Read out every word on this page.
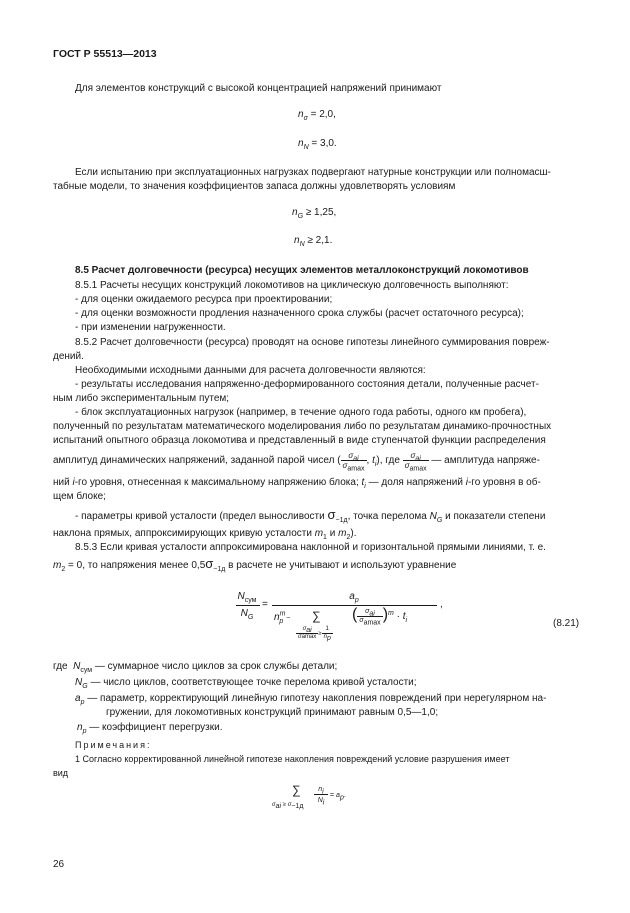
ГОСТ Р 55513—2013
Для элементов конструкций с высокой концентрацией напряжений принимают
$n_\sigma = 2,0$,
$n_N = 3,0$.
Если испытанию при эксплуатационных нагрузках подвергают натурные конструкции или полномасш-
табные модели, то значения коэффициентов запаса должны удовлетворять условиям
$n_G \ge 1,25$,
$n_N \ge 2,1$.
8.5 Расчет долговечности (ресурса) несущих элементов металлоконструкций локомотивов
8.5.1 Расчеты несущих конструкций локомотивов на циклическую долговечность выполняют:
- для оценки ожидаемого ресурса при проектировании;
- для оценки возможности продления назначенного срока службы (расчет остаточного ресурса);
- при изменении нагруженности.
8.5.2 Расчет долговечности (ресурса) проводят на основе гипотезы линейного суммирования повреж-
дений.
Необходимыми исходными данными для расчета долговечности являются:
- результаты исследования напряженно-деформированного состояния детали, полученные расчет-
ным либо экспериментальным путем;
- блок эксплуатационных нагрузок (например, в течение одного года работы, одного км пробега),
полученный по результатам математического моделирования либо по результатам динамико-прочностных
испытаний опытного образца локомотива и представленный в виде ступенчатой функции распределения
амплитуд динамических напряжений, заданной парой чисел ( $\frac{\sigma_{ai}}{\sigma_{amax}}$ , $t_i$), где $\frac{\sigma_{ai}}{\sigma_{amax}}$ — амплитуда напряже-
ний i-го уровня, отнесенная к максимальному напряжению блока; $t_i$ — доля напряжений i-го уровня в об-
щем блоке;
- параметры кривой усталости (предел выносливости $\sigma_{-1д}$, точка перелома $N_G$ и показатели степени
наклона прямых, аппроксимирующих кривую усталости $m_1$ и $m_2$).
8.5.3 Если кривая усталости аппроксимирована наклонной и горизонтальной прямыми линиями, т. е.
$m_2 = 0$, то напряжения менее $0,5\sigma_{-1д}$ в расчете не учитывают и используют уравнение
$N_{сум}$
$N_G$
=
$a_p$
$n^m_p$ − ∑
$\frac{\sigma_{ai}}{\sigma amax} \ge \frac{1}{n_p}$
( $\frac{\sigma_{ai}}{\sigma_{amax}} )^m \cdot t_i$
,
(8.21)
где  $N_{сум}$ — суммарное число циклов за срок службы детали;
$N_G$ — число циклов, соответствующее точке перелома кривой усталости;
$a_p$ — параметр, корректирующий линейную гипотезу накопления повреждений при нерегулярном на-
гружении, для локомотивных конструкций принимают равным 0,5—1,0;
$n_p$ — коэффициент перегрузки.
Примечания:
1 Согласно корректированной линейной гипотезе накопления повреждений условие разрушения имеет
вид
∑
$\sigma_{ai} \ge \sigma_{-1д}$
$n_i$
$N_i$
= $a_p$.
26
